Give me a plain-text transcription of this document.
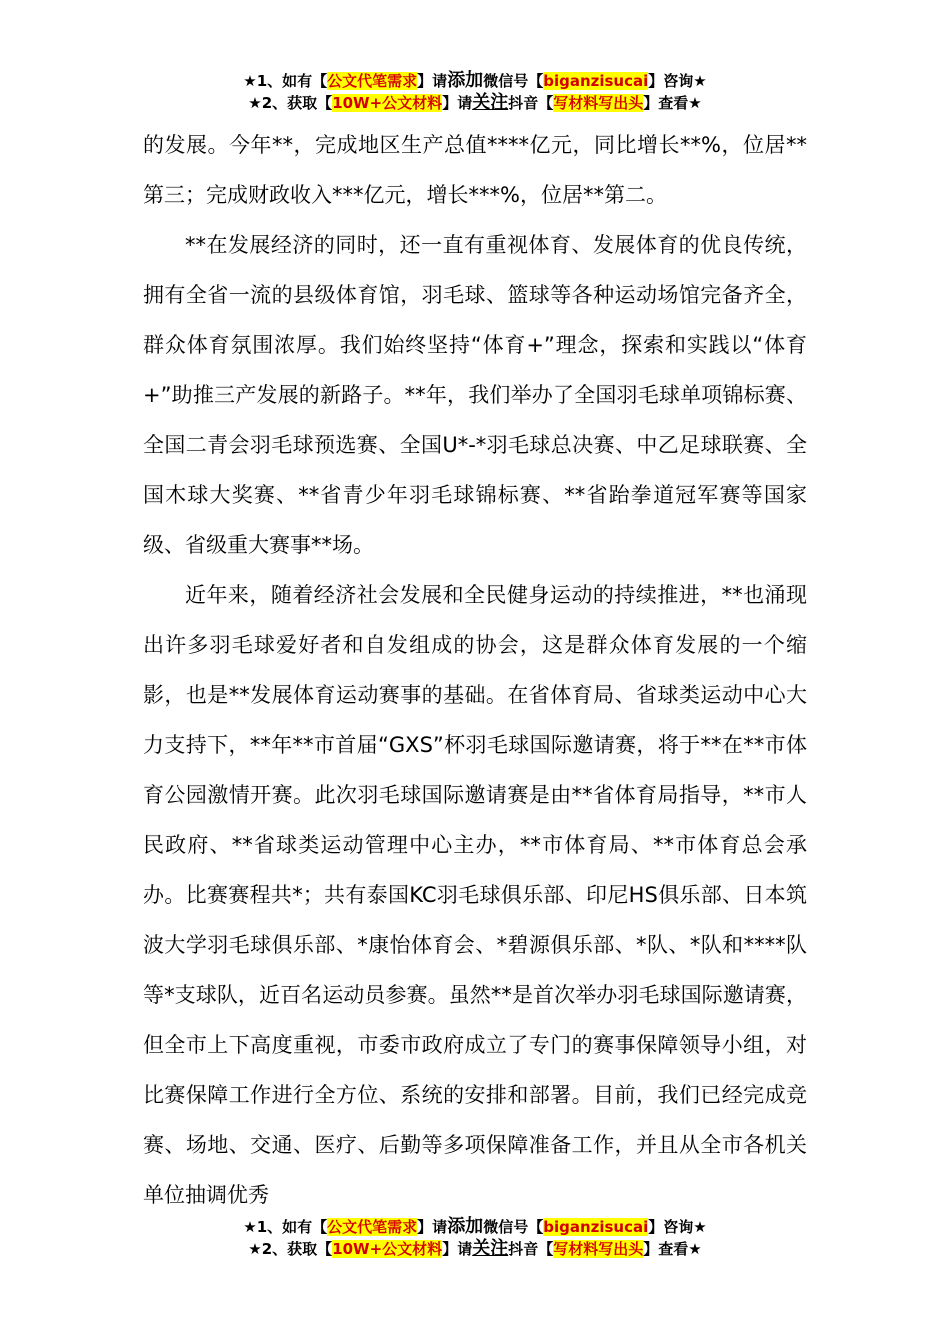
★1、如有【公文代笔需求】请添加微信号【biganzisucai】咨询★
★2、获取【10W+公文材料】请关注抖音【写材料写出头】查看★

的发展。今年**，完成地区生产总值****亿元，同比增长**%，位居**第三；完成财政收入***亿元，增长***%，位居**第二。

**在发展经济的同时，还一直有重视体育、发展体育的优良传统，拥有全省一流的县级体育馆，羽毛球、篮球等各种运动场馆完备齐全，群众体育氛围浓厚。我们始终坚持“体育+”理念，探索和实践以“体育+”助推三产发展的新路子。**年，我们举办了全国羽毛球单项锦标赛、全国二青会羽毛球预选赛、全国U*-*羽毛球总决赛、中乙足球联赛、全国木球大奖赛、**省青少年羽毛球锦标赛、**省跆拳道冠军赛等国家级、省级重大赛事**场。

近年来，随着经济社会发展和全民健身运动的持续推进，**也涌现出许多羽毛球爱好者和自发组成的协会，这是群众体育发展的一个缩影，也是**发展体育运动赛事的基础。在省体育局、省球类运动中心大力支持下，**年**市首届“GXS”杯羽毛球国际邀请赛，将于**在**市体育公园激情开赛。此次羽毛球国际邀请赛是由**省体育局指导，**市人民政府、**省球类运动管理中心主办，**市体育局、**市体育总会承办。比赛赛程共*；共有泰国KC羽毛球俱乐部、印尼HS俱乐部、日本筑波大学羽毛球俱乐部、*康怡体育会、*碧源俱乐部、*队、*队和****队等*支球队，近百名运动员参赛。虽然**是首次举办羽毛球国际邀请赛，但全市上下高度重视，市委市政府成立了专门的赛事保障领导小组，对比赛保障工作进行全方位、系统的安排和部署。目前，我们已经完成竞赛、场地、交通、医疗、后勤等多项保障准备工作，并且从全市各机关单位抽调优秀

★1、如有【公文代笔需求】请添加微信号【biganzisucai】咨询★
★2、获取【10W+公文材料】请关注抖音【写材料写出头】查看★
